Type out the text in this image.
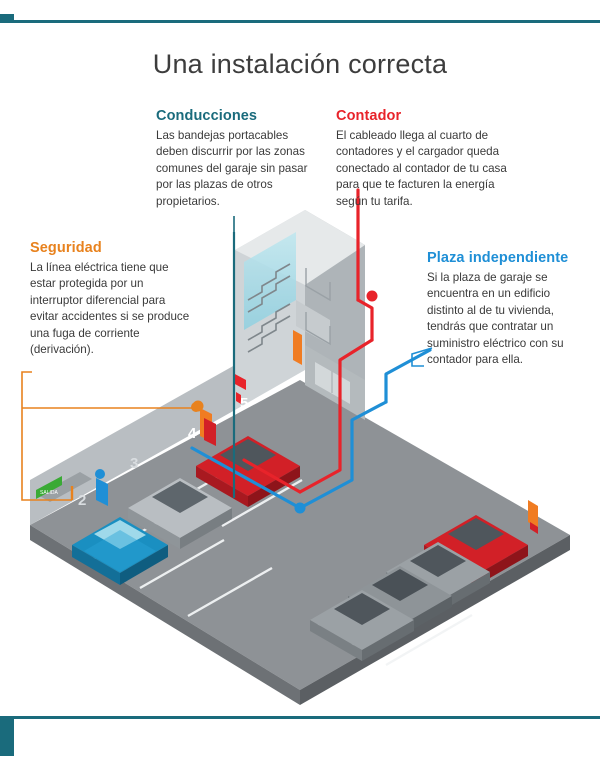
Una instalación correcta
SALIDA 2
3
4
5
Conducciones

Las bandejas portacables deben discurrir por las zonas comunes del garaje sin pasar por las plazas de otros propietarios.

Contador

El cableado llega al cuarto de contadores y el cargador queda conectado al contador de tu casa para que te facturen la energía según tu tarifa.

Seguridad

La línea eléctrica tiene que estar protegida por un interruptor diferencial para evitar accidentes si se produce una fuga de corriente (derivación).

Plaza independiente

Si la plaza de garaje se encuentra en un edificio distinto al de tu vivienda, tendrás que contratar un suministro eléctrico con su contador para ella.
